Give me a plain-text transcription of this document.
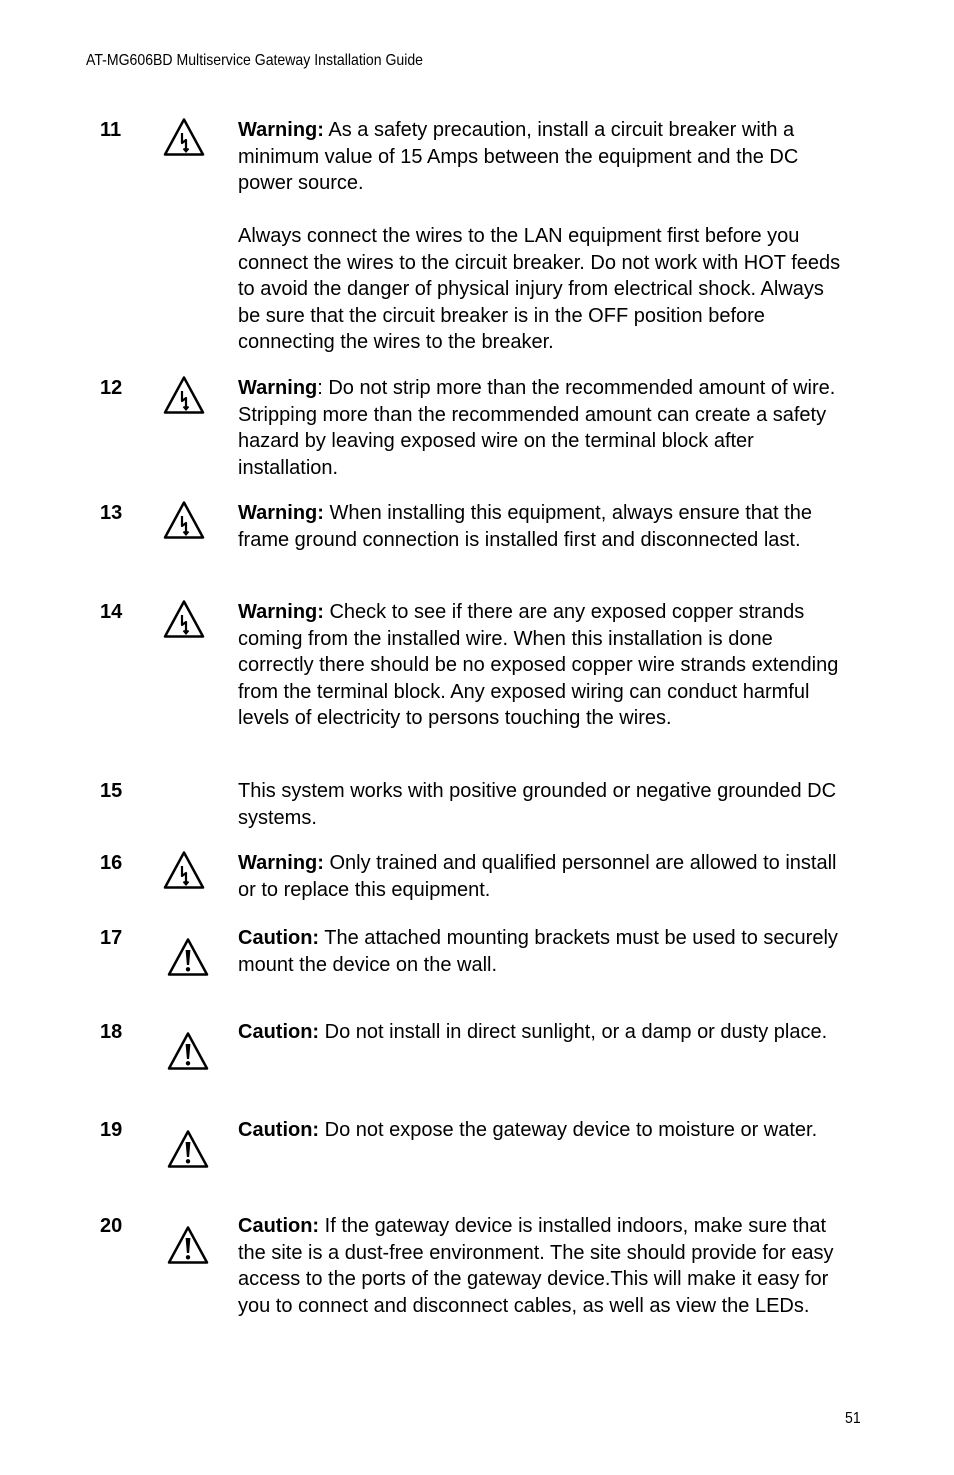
AT-MG606BD Multiservice Gateway Installation Guide
11	Warning: As a safety precaution, install a circuit breaker with a minimum value of 15 Amps between the equipment and the DC power source.

Always connect the wires to the LAN equipment first before you connect the wires to the circuit breaker. Do not work with HOT feeds to avoid the danger of physical injury from electrical shock. Always be sure that the circuit breaker is in the OFF position before connecting the wires to the breaker.

12	Warning: Do not strip more than the recommended amount of wire. Stripping more than the recommended amount can create a safety hazard by leaving exposed wire on the terminal block after installation.

13	Warning: When installing this equipment, always ensure that the frame ground connection is installed first and disconnected last.

14	Warning: Check to see if there are any exposed copper strands coming from the installed wire. When this installation is done correctly there should be no exposed copper wire strands extending from the terminal block. Any exposed wiring can conduct harmful levels of electricity to persons touching the wires.

15	This system works with positive grounded or negative grounded DC systems.

16	Warning: Only trained and qualified personnel are allowed to install or to replace this equipment.

17	Caution: The attached mounting brackets must be used to securely mount the device on the wall.

18	Caution: Do not install in direct sunlight, or a damp or dusty place.

19	Caution: Do not expose the gateway device to moisture or water.

20	Caution: If the gateway device is installed indoors, make sure that the site is a dust-free environment. The site should provide for easy access to the ports of the gateway device.This will make it easy for you to connect and disconnect cables, as well as view the LEDs.

51
